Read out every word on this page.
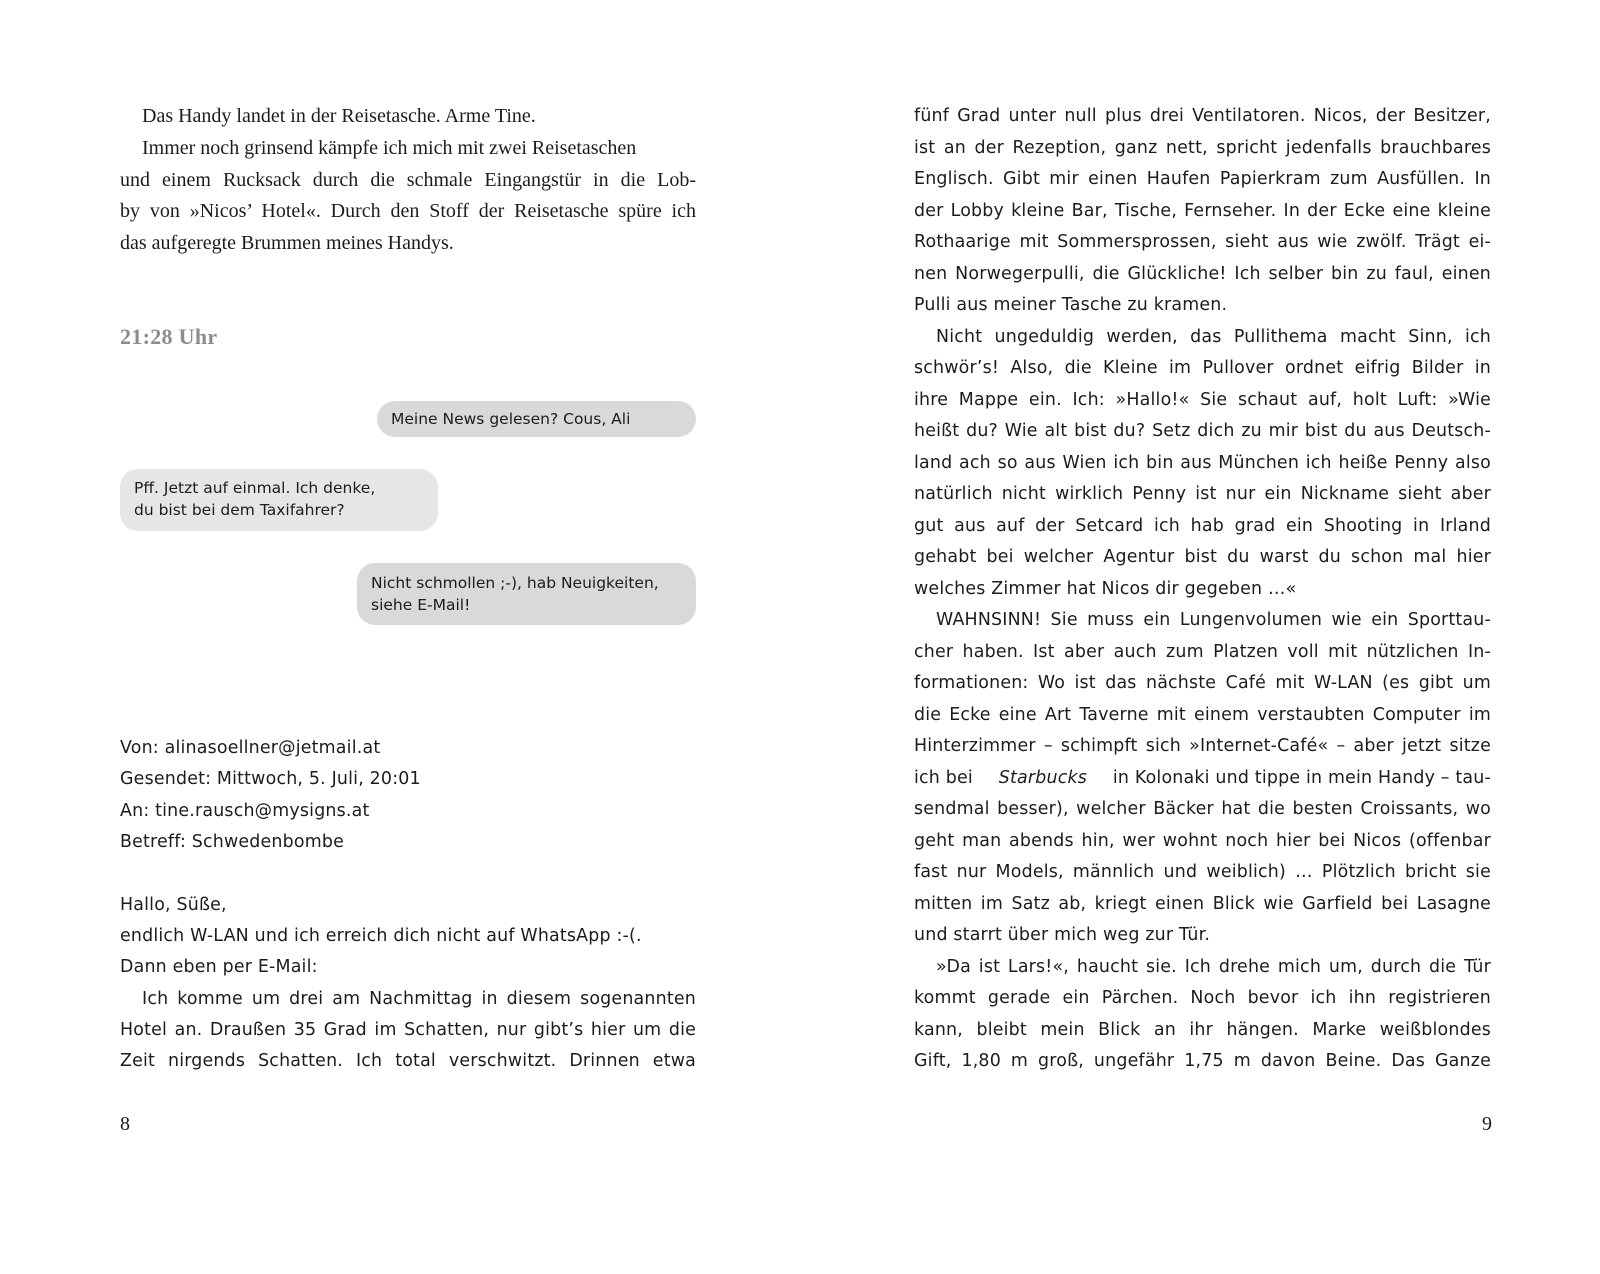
Das Handy landet in der Reisetasche. Arme Tine.
Immer noch grinsend kämpfe ich mich mit zwei Reisetaschen
und einem Rucksack durch die schmale Eingangstür in die Lob-
by von »Nicos’ Hotel«. Durch den Stoff der Reisetasche spüre ich
das aufgeregte Brummen meines Handys.
21:28 Uhr
Meine News gelesen? Cous, Ali
Pff. Jetzt auf einmal. Ich denke,
du bist bei dem Taxifahrer?
Nicht schmollen ;-), hab Neuigkeiten,
siehe E-Mail!
Von: alinasoellner@jetmail.at
Gesendet: Mittwoch, 5. Juli, 20:01
An: tine.rausch@mysigns.at
Betreff: Schwedenbombe
Hallo, Süße,
endlich W-LAN und ich erreich dich nicht auf WhatsApp :-(.
Dann eben per E-Mail:
Ich komme um drei am Nachmittag in diesem sogenannten
Hotel an. Draußen 35 Grad im Schatten, nur gibt’s hier um die
Zeit nirgends Schatten. Ich total verschwitzt. Drinnen etwa
8
fünf Grad unter null plus drei Ventilatoren. Nicos, der Besitzer,
ist an der Rezeption, ganz nett, spricht jedenfalls brauchbares
Englisch. Gibt mir einen Haufen Papierkram zum Ausfüllen. In
der Lobby kleine Bar, Tische, Fernseher. In der Ecke eine kleine
Rothaarige mit Sommersprossen, sieht aus wie zwölf. Trägt ei-
nen Norwegerpulli, die Glückliche! Ich selber bin zu faul, einen
Pulli aus meiner Tasche zu kramen.
Nicht ungeduldig werden, das Pullithema macht Sinn, ich
schwör’s! Also, die Kleine im Pullover ordnet eifrig Bilder in
ihre Mappe ein. Ich: »Hallo!« Sie schaut auf, holt Luft: »Wie
heißt du? Wie alt bist du? Setz dich zu mir bist du aus Deutsch-
land ach so aus Wien ich bin aus München ich heiße Penny also
natürlich nicht wirklich Penny ist nur ein Nickname sieht aber
gut aus auf der Setcard ich hab grad ein Shooting in Irland
gehabt bei welcher Agentur bist du warst du schon mal hier
welches Zimmer hat Nicos dir gegeben …«
WAHNSINN! Sie muss ein Lungenvolumen wie ein Sporttau-
cher haben. Ist aber auch zum Platzen voll mit nützlichen In-
formationen: Wo ist das nächste Café mit W-LAN (es gibt um
die Ecke eine Art Taverne mit einem verstaubten Computer im
Hinterzimmer – schimpft sich »Internet-Café« – aber jetzt sitze
ich bei Starbucks in Kolonaki und tippe in mein Handy – tau-
sendmal besser), welcher Bäcker hat die besten Croissants, wo
geht man abends hin, wer wohnt noch hier bei Nicos (offenbar
fast nur Models, männlich und weiblich) … Plötzlich bricht sie
mitten im Satz ab, kriegt einen Blick wie Garfield bei Lasagne
und starrt über mich weg zur Tür.
»Da ist Lars!«, haucht sie. Ich drehe mich um, durch die Tür
kommt gerade ein Pärchen. Noch bevor ich ihn registrieren
kann, bleibt mein Blick an ihr hängen. Marke weißblondes
Gift, 1,80 m groß, ungefähr 1,75 m davon Beine. Das Ganze
9
